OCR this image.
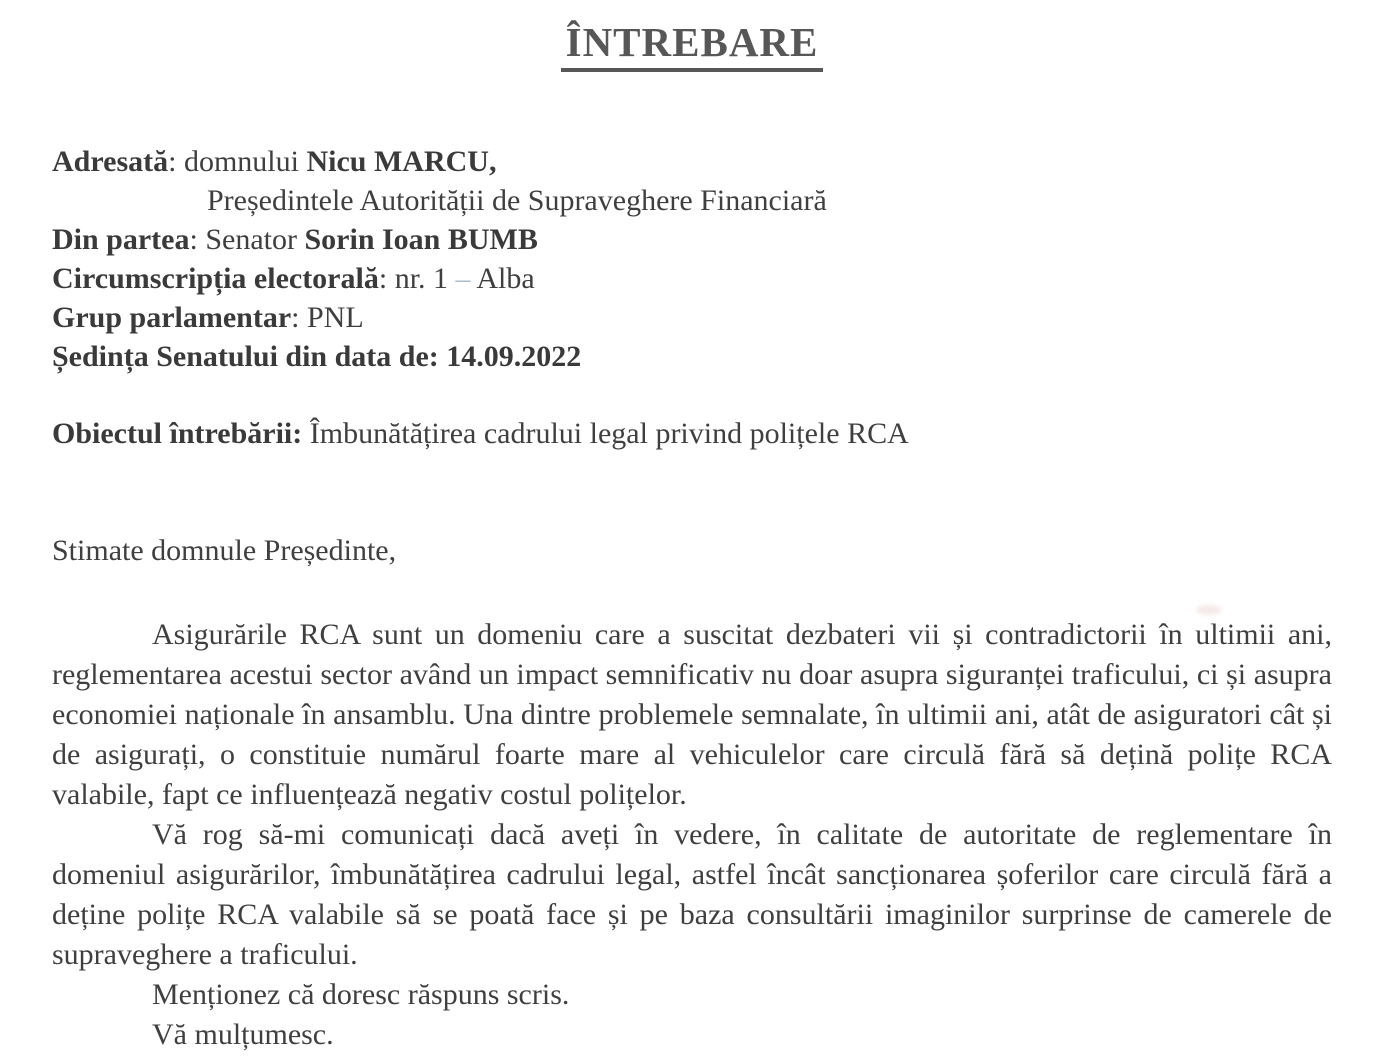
ÎNTREBARE
Adresată: domnului Nicu MARCU,
Președintele Autorității de Supraveghere Financiară
Din partea: Senator Sorin Ioan BUMB
Circumscripția electorală: nr. 1 – Alba
Grup parlamentar: PNL
Ședința Senatului din data de: 14.09.2022
Obiectul întrebării: Îmbunătățirea cadrului legal privind polițele RCA
Stimate domnule Președinte,

Asigurările RCA sunt un domeniu care a suscitat dezbateri vii și contradictorii în ultimii ani, reglementarea acestui sector având un impact semnificativ nu doar asupra siguranței traficului, ci și asupra economiei naționale în ansamblu. Una dintre problemele semnalate, în ultimii ani, atât de asiguratori cât și de asigurați, o constituie numărul foarte mare al vehiculelor care circulă fără să dețină polițe RCA valabile, fapt ce influențează negativ costul polițelor.

Vă rog să-mi comunicați dacă aveți în vedere, în calitate de autoritate de reglementare în domeniul asigurărilor, îmbunătățirea cadrului legal, astfel încât sancționarea șoferilor care circulă fără a deține polițe RCA valabile să se poată face și pe baza consultării imaginilor surprinse de camerele de supraveghere a traficului.

Menționez că doresc răspuns scris.

Vă mulțumesc.
